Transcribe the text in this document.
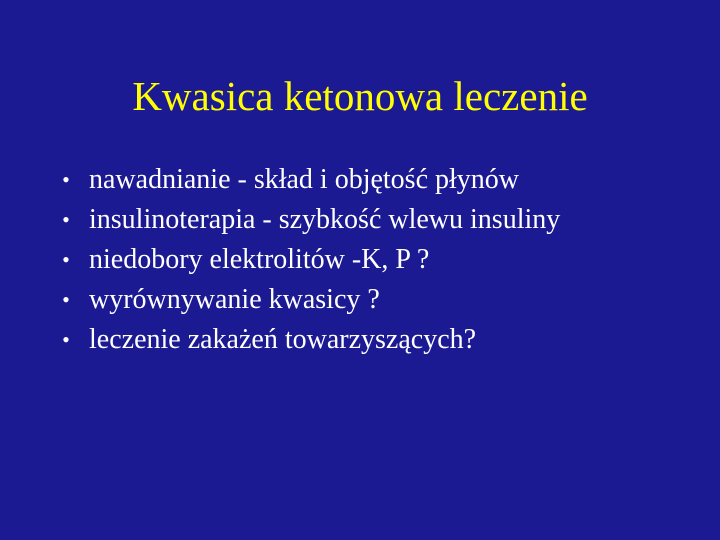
Kwasica ketonowa leczenie
• nawadnianie - skład i objętość płynów
• insulinoterapia - szybkość wlewu insuliny
• niedobory elektrolitów -K, P ?
• wyrównywanie kwasicy ?
• leczenie zakażeń towarzyszących?
